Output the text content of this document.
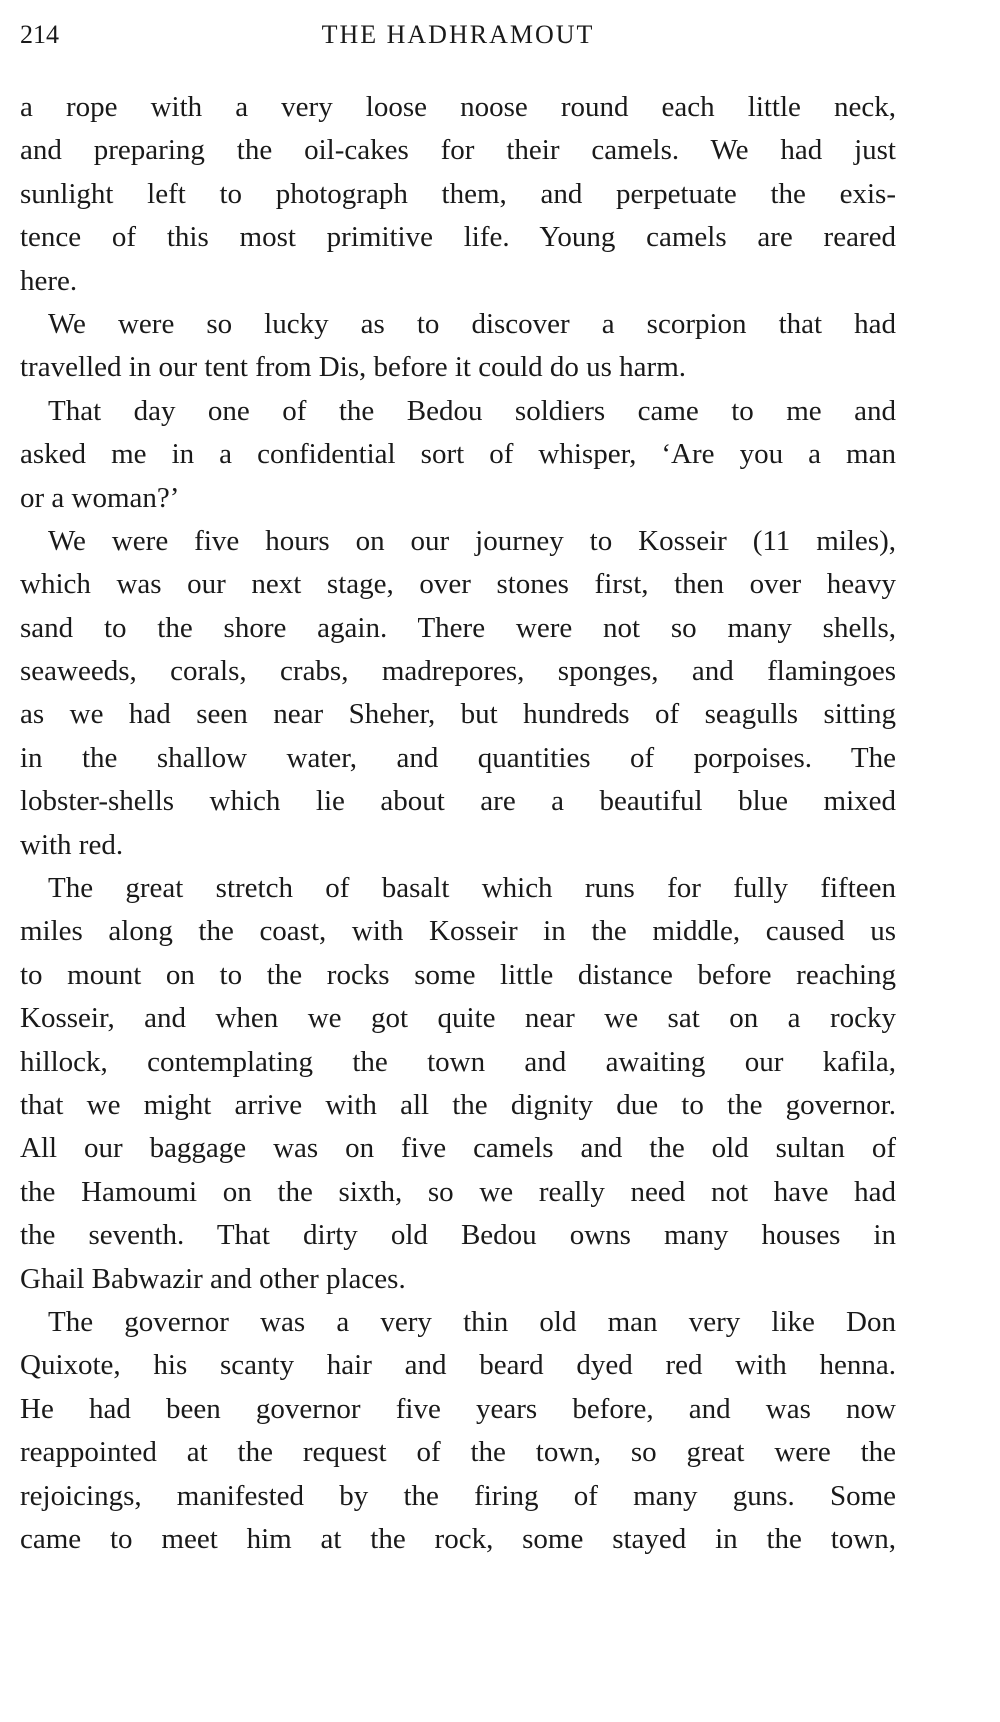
214	THE HADHRAMOUT
a rope with a very loose noose round each little neck,
and preparing the oil-cakes for their camels. We had just
sunlight left to photograph them, and perpetuate the exis-
tence of this most primitive life. Young camels are reared
here.
We were so lucky as to discover a scorpion that had
travelled in our tent from Dis, before it could do us harm.
That day one of the Bedou soldiers came to me and
asked me in a confidential sort of whisper, ‘Are you a man
or a woman?’
We were five hours on our journey to Kosseir (11 miles),
which was our next stage, over stones first, then over heavy
sand to the shore again. There were not so many shells,
seaweeds, corals, crabs, madrepores, sponges, and flamingoes
as we had seen near Sheher, but hundreds of seagulls sitting
in the shallow water, and quantities of porpoises. The
lobster-shells which lie about are a beautiful blue mixed
with red.
The great stretch of basalt which runs for fully fifteen
miles along the coast, with Kosseir in the middle, caused us
to mount on to the rocks some little distance before reaching
Kosseir, and when we got quite near we sat on a rocky
hillock, contemplating the town and awaiting our kafila,
that we might arrive with all the dignity due to the governor.
All our baggage was on five camels and the old sultan of
the Hamoumi on the sixth, so we really need not have had
the seventh. That dirty old Bedou owns many houses in
Ghail Babwazir and other places.
The governor was a very thin old man very like Don
Quixote, his scanty hair and beard dyed red with henna.
He had been governor five years before, and was now
reappointed at the request of the town, so great were the
rejoicings, manifested by the firing of many guns. Some
came to meet him at the rock, some stayed in the town,
